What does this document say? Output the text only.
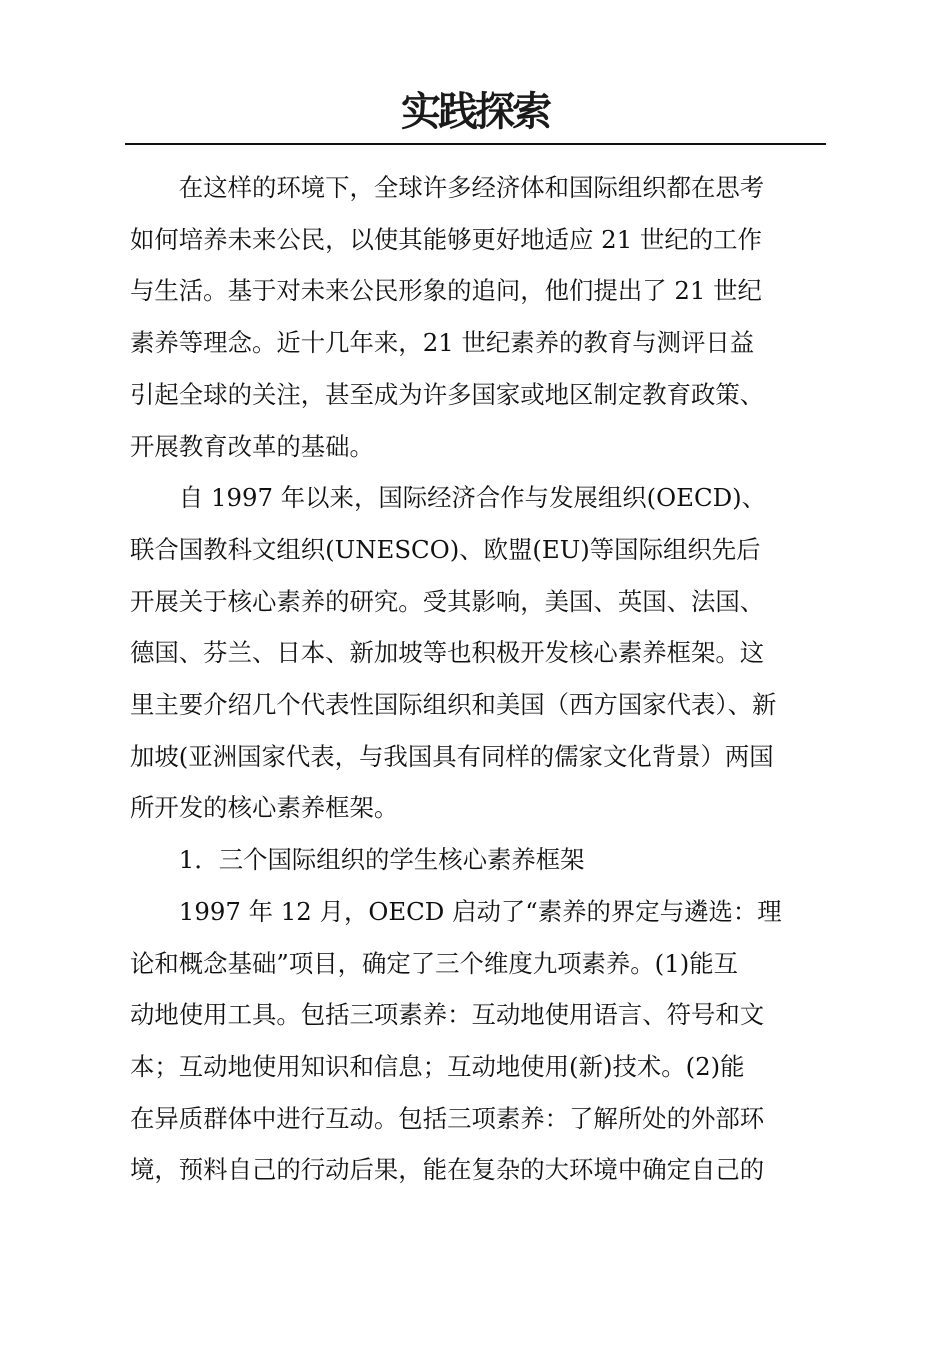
实践探索

在这样的环境下，全球许多经济体和国际组织都在思考
如何培养未来公民，以使其能够更好地适应 21 世纪的工作
与生活。基于对未来公民形象的追问，他们提出了 21 世纪
素养等理念。近十几年来，21 世纪素养的教育与测评日益
引起全球的关注，甚至成为许多国家或地区制定教育政策、
开展教育改革的基础。

自 1997 年以来，国际经济合作与发展组织(OECD)、
联合国教科文组织(UNESCO)、欧盟(EU)等国际组织先后
开展关于核心素养的研究。受其影响，美国、英国、法国、
德国、芬兰、日本、新加坡等也积极开发核心素养框架。这
里主要介绍几个代表性国际组织和美国（西方国家代表）、新
加坡(亚洲国家代表，与我国具有同样的儒家文化背景）两国
所开发的核心素养框架。

1．三个国际组织的学生核心素养框架

1997 年 12 月，OECD 启动了“素养的界定与遴选：理
论和概念基础”项目，确定了三个维度九项素养。(1)能互
动地使用工具。包括三项素养：互动地使用语言、符号和文
本；互动地使用知识和信息；互动地使用(新)技术。(2)能
在异质群体中进行互动。包括三项素养：了解所处的外部环
境，预料自己的行动后果，能在复杂的大环境中确定自己的
